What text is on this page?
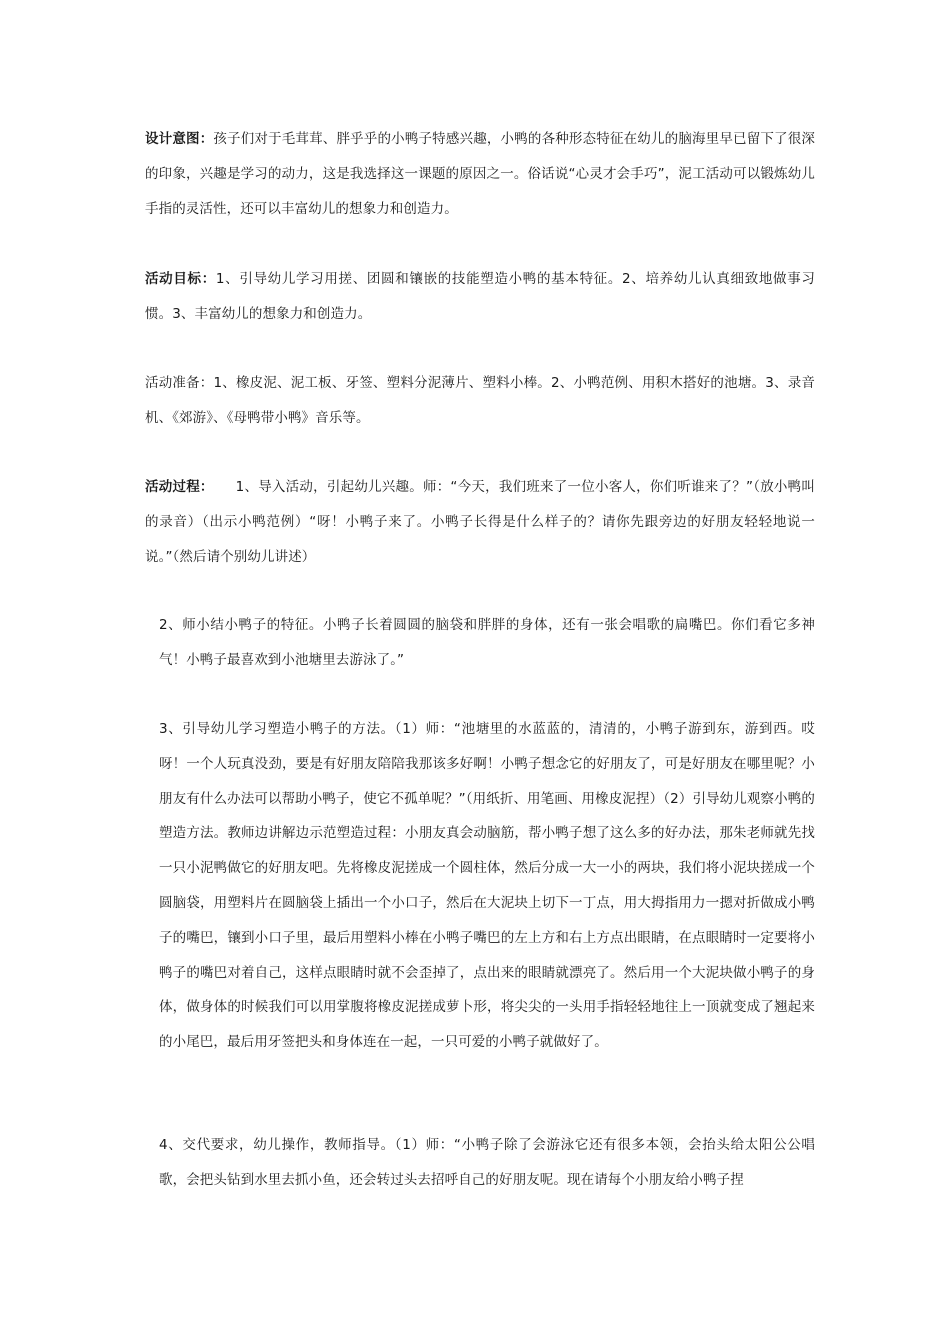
设计意图：孩子们对于毛茸茸、胖乎乎的小鸭子特感兴趣，小鸭的各种形态特征在幼儿的脑海里早已留下了很深的印象，兴趣是学习的动力，这是我选择这一课题的原因之一。俗话说“心灵才会手巧”，泥工活动可以锻炼幼儿手指的灵活性，还可以丰富幼儿的想象力和创造力。

活动目标：1、引导幼儿学习用搓、团圆和镶嵌的技能塑造小鸭的基本特征。2、培养幼儿认真细致地做事习惯。3、丰富幼儿的想象力和创造力。

活动准备：1、橡皮泥、泥工板、牙签、塑料分泥薄片、塑料小棒。2、小鸭范例、用积木搭好的池塘。3、录音机、《郊游》、《母鸭带小鸭》音乐等。

活动过程： 1、导入活动，引起幼儿兴趣。师：“今天，我们班来了一位小客人，你们听谁来了？”（放小鸭叫的录音）（出示小鸭范例）“呀！小鸭子来了。小鸭子长得是什么样子的？请你先跟旁边的好朋友轻轻地说一说。”（然后请个别幼儿讲述）

2、师小结小鸭子的特征。小鸭子长着圆圆的脑袋和胖胖的身体，还有一张会唱歌的扁嘴巴。你们看它多神气！小鸭子最喜欢到小池塘里去游泳了。”

3、引导幼儿学习塑造小鸭子的方法。（1）师：“池塘里的水蓝蓝的，清清的，小鸭子游到东，游到西。哎呀！一个人玩真没劲，要是有好朋友陪陪我那该多好啊！小鸭子想念它的好朋友了，可是好朋友在哪里呢？小朋友有什么办法可以帮助小鸭子，使它不孤单呢？”（用纸折、用笔画、用橡皮泥捏）（2）引导幼儿观察小鸭的塑造方法。教师边讲解边示范塑造过程：小朋友真会动脑筋，帮小鸭子想了这么多的好办法，那朱老师就先找一只小泥鸭做它的好朋友吧。先将橡皮泥搓成一个圆柱体，然后分成一大一小的两块，我们将小泥块搓成一个圆脑袋，用塑料片在圆脑袋上插出一个小口子，然后在大泥块上切下一丁点，用大拇指用力一摁对折做成小鸭子的嘴巴，镶到小口子里，最后用塑料小棒在小鸭子嘴巴的左上方和右上方点出眼睛，在点眼睛时一定要将小鸭子的嘴巴对着自己，这样点眼睛时就不会歪掉了，点出来的眼睛就漂亮了。然后用一个大泥块做小鸭子的身体，做身体的时候我们可以用掌腹将橡皮泥搓成萝卜形，将尖尖的一头用手指轻轻地往上一顶就变成了翘起来的小尾巴，最后用牙签把头和身体连在一起，一只可爱的小鸭子就做好了。

4、交代要求，幼儿操作，教师指导。（1）师：“小鸭子除了会游泳它还有很多本领，会抬头给太阳公公唱歌，会把头钻到水里去抓小鱼，还会转过头去招呼自己的好朋友呢。现在请每个小朋友给小鸭子捏
